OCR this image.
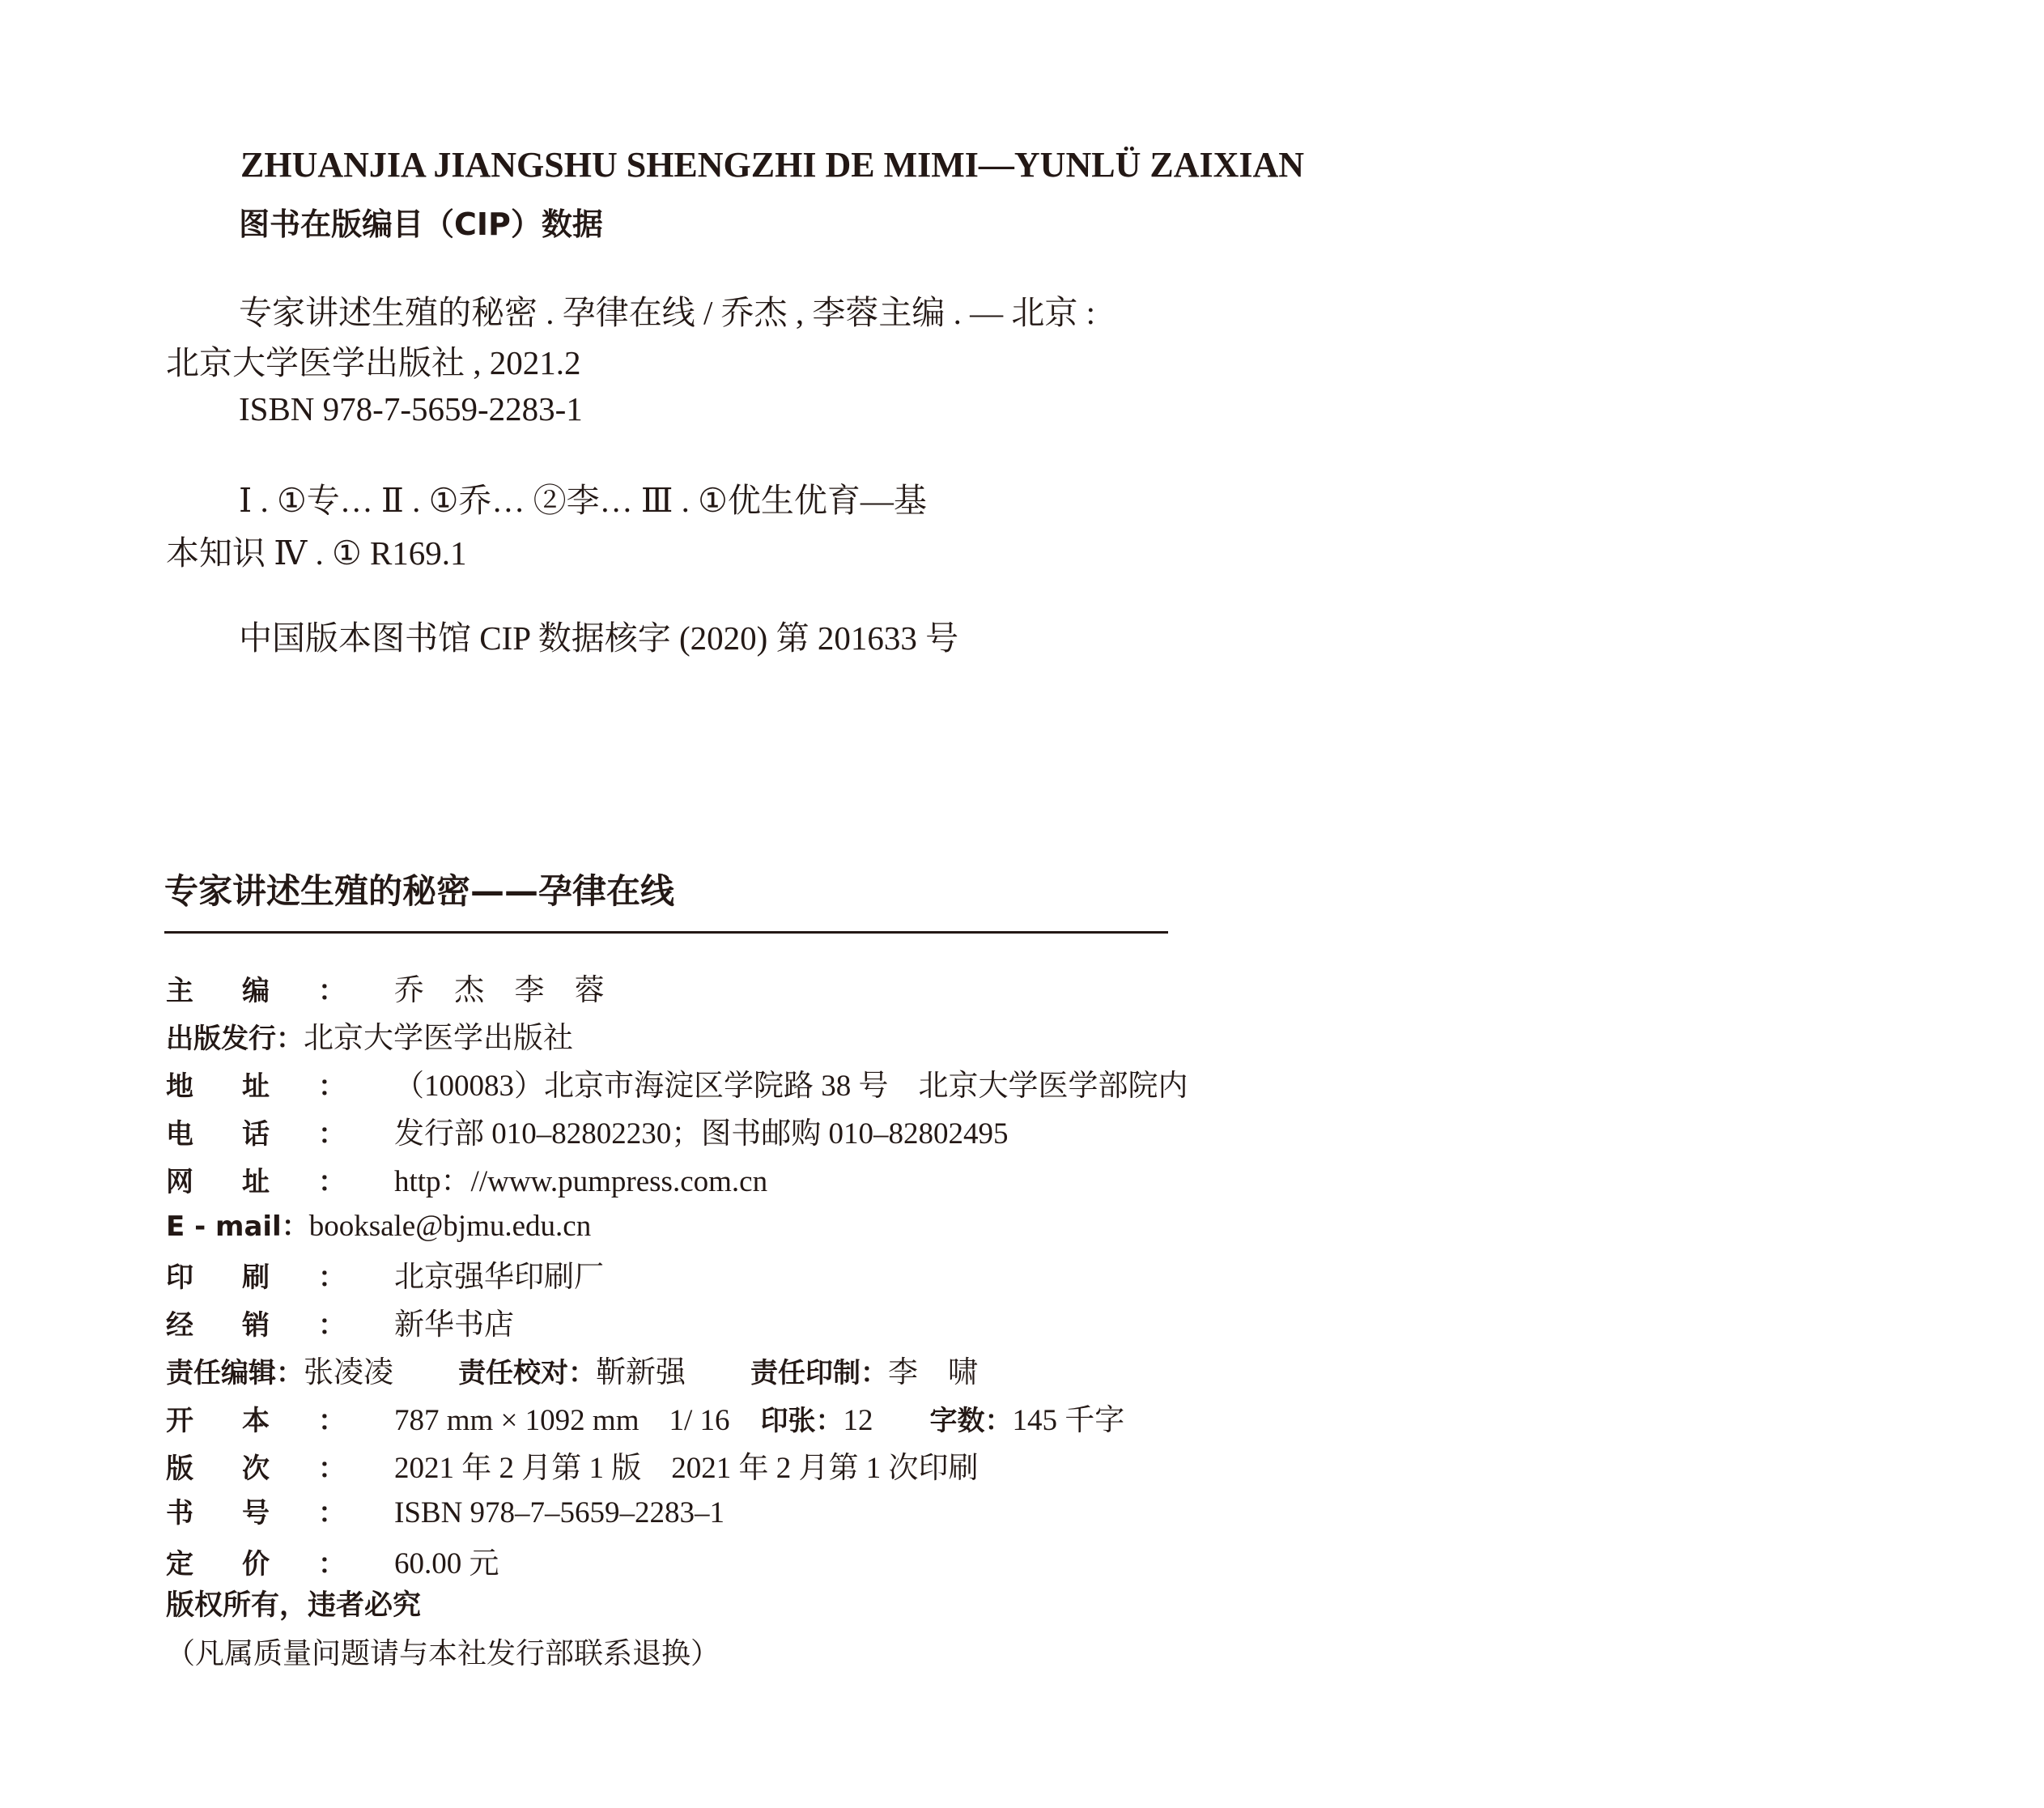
ZHUANJIA JIANGSHU SHENGZHI DE MIMI—YUNLÜ ZAIXIAN
图书在版编目（CIP）数据
专家讲述生殖的秘密 . 孕律在线 / 乔杰 , 李蓉主编 . — 北京 :
北京大学医学出版社 , 2021.2
ISBN 978-7-5659-2283-1
Ⅰ . ①专… Ⅱ . ①乔… ②李… Ⅲ . ①优生优育—基
本知识 Ⅳ . ① R169.1
中国版本图书馆 CIP 数据核字 (2020) 第 201633 号
专家讲述生殖的秘密——孕律在线
主编： 乔 杰 李 蓉
出版发行： 北京大学医学出版社
地址： （100083）北京市海淀区学院路 38 号　北京大学医学部院内
电话： 发行部 010–82802230；图书邮购 010–82802495
网址： http：//www.pumpress.com.cn
E - mail： booksale@bjmu.edu.cn
印刷： 北京强华印刷厂
经销： 新华书店
责任编辑： 张凌凌 责任校对： 靳新强 责任印制： 李　啸
开本： 787 mm × 1092 mm　1/ 16 印张： 12 字数： 145 千字
版次： 2021 年 2 月第 1 版　2021 年 2 月第 1 次印刷
书号： ISBN 978–7–5659–2283–1
定价： 60.00 元
版权所有，违者必究
（凡属质量问题请与本社发行部联系退换）
